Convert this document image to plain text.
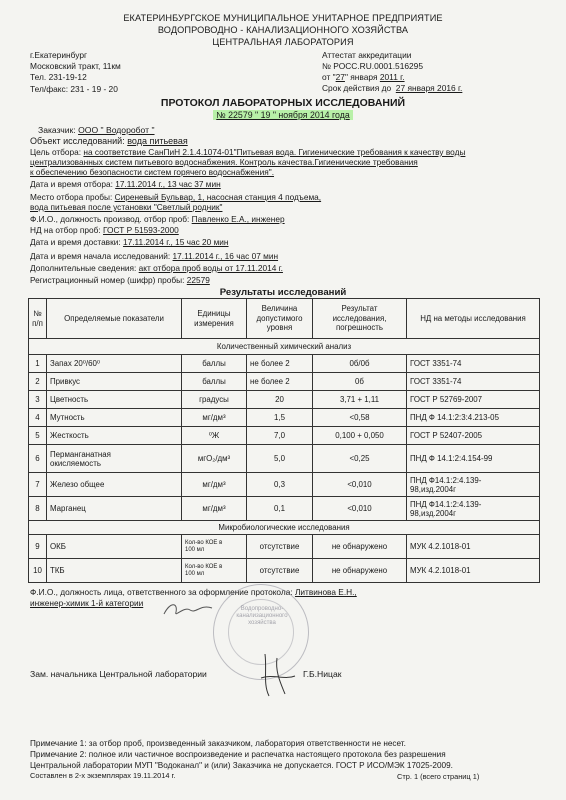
ЕКАТЕРИНБУРГСКОЕ МУНИЦИПАЛЬНОЕ УНИТАРНОЕ ПРЕДПРИЯТИЕ
ВОДОПРОВОДНО - КАНАЛИЗАЦИОННОГО ХОЗЯЙСТВА
ЦЕНТРАЛЬНАЯ ЛАБОРАТОРИЯ
г.Екатеринбург
Московский тракт, 11км
Тел. 231-19-12
Тел/факс: 231 - 19 - 20
Аттестат аккредитации
№ РОСС.RU.0001.516295
от "27" января 2011 г.
Срок действия до 27 января 2016 г.
ПРОТОКОЛ ЛАБОРАТОРНЫХ ИССЛЕДОВАНИЙ
№ 22579 " 19 " ноября 2014 года
Заказчик: ООО " Водоробот "
Объект исследований: вода питьевая
Цель отбора: на соответствие СанПиН 2.1.4.1074-01"Питьевая вода. Гигиенические требования к качеству воды
централизованных систем питьевого водоснабжения. Контроль качества.Гигиенические требования
к обеспечению безопасности систем горячего водоснабжения".
Дата и время отбора: 17.11.2014 г., 13 час 37 мин
Место отбора пробы: Сиреневый Бульвар, 1, насосная станция 4 подъема,
вода питьевая после установки "Светлый родник"
Ф.И.О., должность производ. отбор проб: Павленко Е.А., инженер
НД на отбор проб: ГОСТ Р 51593-2000
Дата и время доставки: 17.11.2014 г., 15 час 20 мин
Дата и время начала исследований: 17.11.2014 г., 16 час 07 мин
Дополнительные сведения: акт отбора проб воды от 17.11.2014 г.
Регистрационный номер (шифр) пробы: 22579
Результаты исследований
№ п/п	Определяемые показатели	Единицы измерения	Величина допустимого уровня	Результат исследования, погрешность	НД на методы исследования
Количественный химический анализ					
1	Запах 20⁰/60⁰	баллы	не более 2	0б/0б	ГОСТ 3351-74
2	Привкус	баллы	не более 2	0б	ГОСТ 3351-74
3	Цветность	градусы	20	3,71 + 1,11	ГОСТ Р 52769-2007
4	Мутность	мг/дм³	1,5	<0,58	ПНД Ф 14.1:2:3:4.213-05
5	Жесткость	⁰Ж	7,0	0,100 + 0,050	ГОСТ Р 52407-2005
6	Перманганатная
окисляемость	мгО₂/дм³	5,0	<0,25	ПНД Ф 14.1:2:4.154-99
7	Железо общее	мг/дм³	0,3	<0,010	ПНД Ф14.1:2:4.139-
98,изд.2004г

8	Марганец	мг/дм³	0,1	<0,010	ПНД Ф14.1:2:4.139-
98,изд.2004г

Микробиологические исследования					
9	ОКБ	Кол-во КОЕ в
100 мл	отсутствие	не обнаружено	МУК 4.2.1018-01
10	ТКБ	Кол-во КОЕ в
100 мл	отсутствие	не обнаружено	МУК 4.2.1018-01
Ф.И.О., должность лица, ответственного за оформление протокола: Литвинова Е.Н.,
инженер-химик 1-й категории
Водопроводно-канализационного хозяйства
Зам. начальника Центральной лаборатории	Г.Б.Ницак
Примечание 1: за отбор проб, произведенный заказчиком, лаборатория ответственности не несет.
Примечание 2: полное или частичное воспроизведение и распечатка настоящего протокола без разрешения
Центральной лаборатории МУП "Водоканал" и (или) Заказчика не допускается. ГОСТ Р ИСО/МЭК 17025-2009.
Составлен в 2-х экземплярах 19.11.2014 г.	Стр. 1 (всего страниц 1)
